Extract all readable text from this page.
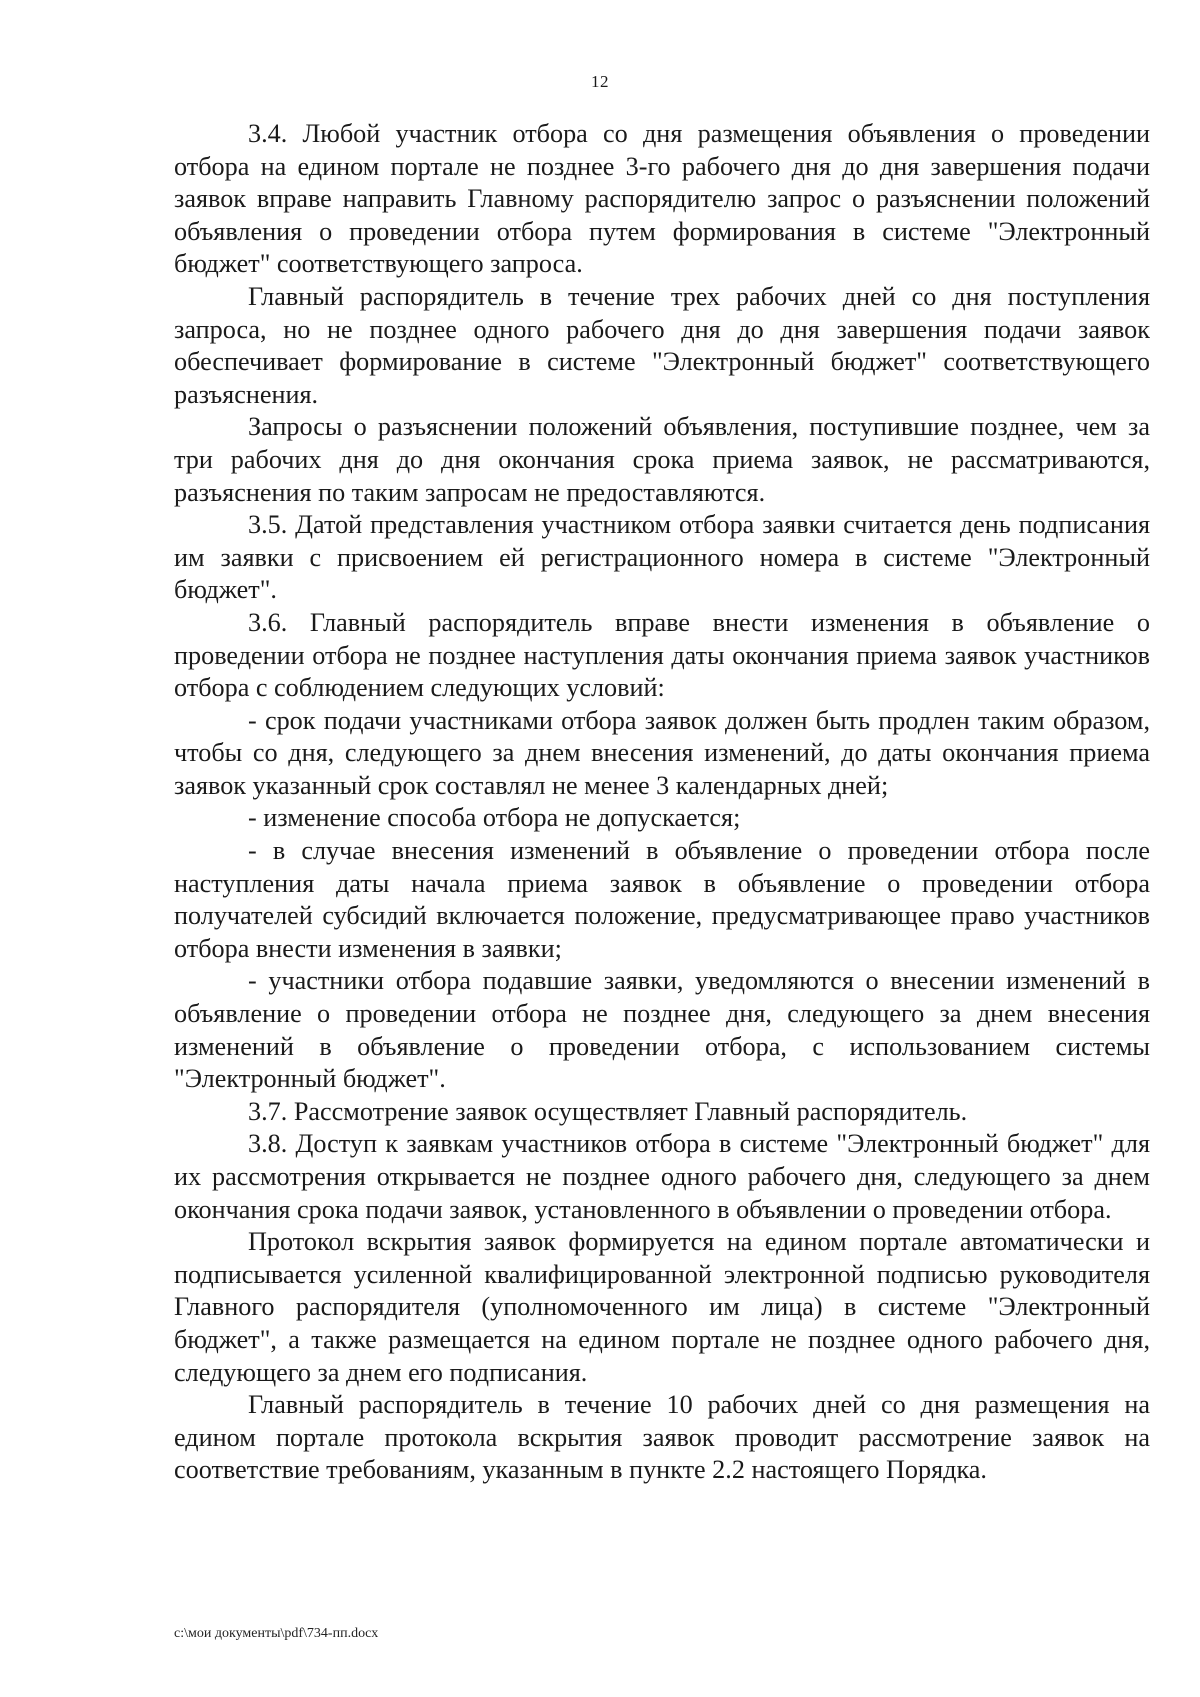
12

3.4. Любой участник отбора со дня размещения объявления о проведении отбора на едином портале не позднее 3-го рабочего дня до дня завершения подачи заявок вправе направить Главному распорядителю запрос о разъяснении положений объявления о проведении отбора путем формирования в системе "Электронный бюджет" соответствующего запроса.

Главный распорядитель в течение трех рабочих дней со дня поступления запроса, но не позднее одного рабочего дня до дня завершения подачи заявок обеспечивает формирование в системе "Электронный бюджет" соответствующего разъяснения.

Запросы о разъяснении положений объявления, поступившие позднее, чем за три рабочих дня до дня окончания срока приема заявок, не рассматриваются, разъяснения по таким запросам не предоставляются.

3.5. Датой представления участником отбора заявки считается день подписания им заявки с присвоением ей регистрационного номера в системе "Электронный бюджет".

3.6. Главный распорядитель вправе внести изменения в объявление о проведении отбора не позднее наступления даты окончания приема заявок участников отбора с соблюдением следующих условий:

- срок подачи участниками отбора заявок должен быть продлен таким образом, чтобы со дня, следующего за днем внесения изменений, до даты окончания приема заявок указанный срок составлял не менее 3 календарных дней;

- изменение способа отбора не допускается;

- в случае внесения изменений в объявление о проведении отбора после наступления даты начала приема заявок в объявление о проведении отбора получателей субсидий включается положение, предусматривающее право участников отбора внести изменения в заявки;

- участники отбора подавшие заявки, уведомляются о внесении изменений в объявление о проведении отбора не позднее дня, следующего за днем внесения изменений в объявление о проведении отбора, с использованием системы "Электронный бюджет".

3.7. Рассмотрение заявок осуществляет Главный распорядитель.

3.8. Доступ к заявкам участников отбора в системе "Электронный бюджет" для их рассмотрения открывается не позднее одного рабочего дня, следующего за днем окончания срока подачи заявок, установленного в объявлении о проведении отбора.

Протокол вскрытия заявок формируется на едином портале автоматически и подписывается усиленной квалифицированной электронной подписью руководителя Главного распорядителя (уполномоченного им лица) в системе "Электронный бюджет", а также размещается на едином портале не позднее одного рабочего дня, следующего за днем его подписания.

Главный распорядитель в течение 10 рабочих дней со дня размещения на едином портале протокола вскрытия заявок проводит рассмотрение заявок на соответствие требованиям, указанным в пункте 2.2 настоящего Порядка.

c:\мои документы\pdf\734-пп.docx
